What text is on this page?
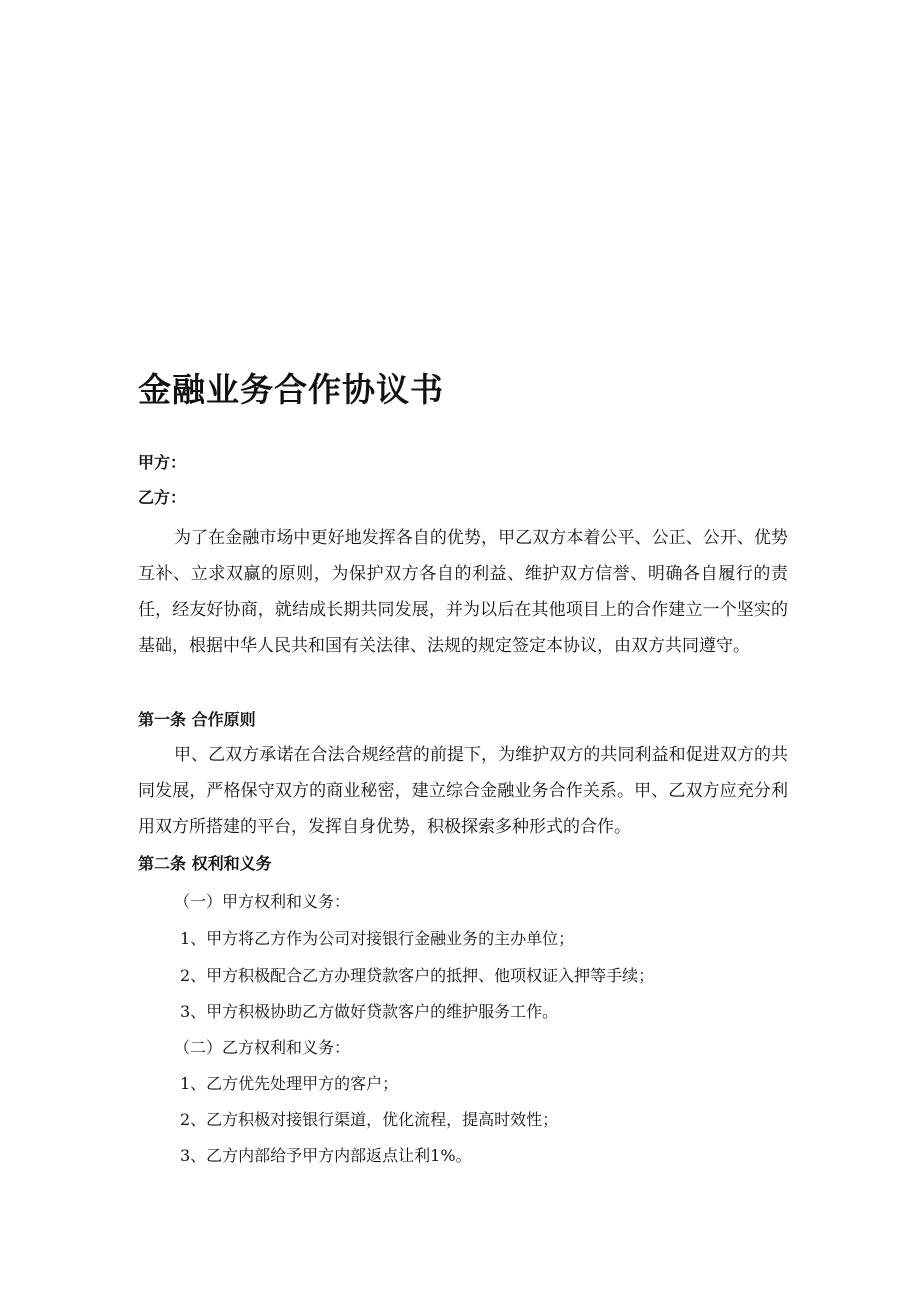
金融业务合作协议书
甲方：
乙方：
为了在金融市场中更好地发挥各自的优势，甲乙双方本着公平、公正、公开、优势互补、立求双赢的原则，为保护双方各自的利益、维护双方信誉、明确各自履行的责任，经友好协商，就结成长期共同发展，并为以后在其他项目上的合作建立一个坚实的基础，根据中华人民共和国有关法律、法规的规定签定本协议，由双方共同遵守。
第一条 合作原则
甲、乙双方承诺在合法合规经营的前提下，为维护双方的共同利益和促进双方的共同发展，严格保守双方的商业秘密，建立综合金融业务合作关系。甲、乙双方应充分利用双方所搭建的平台，发挥自身优势，积极探索多种形式的合作。
第二条 权利和义务
（一）甲方权利和义务：
1、甲方将乙方作为公司对接银行金融业务的主办单位；
2、甲方积极配合乙方办理贷款客户的抵押、他项权证入押等手续；
3、甲方积极协助乙方做好贷款客户的维护服务工作。
（二）乙方权利和义务：
1、乙方优先处理甲方的客户；
2、乙方积极对接银行渠道，优化流程，提高时效性；
3、乙方内部给予甲方内部返点让利1%。
